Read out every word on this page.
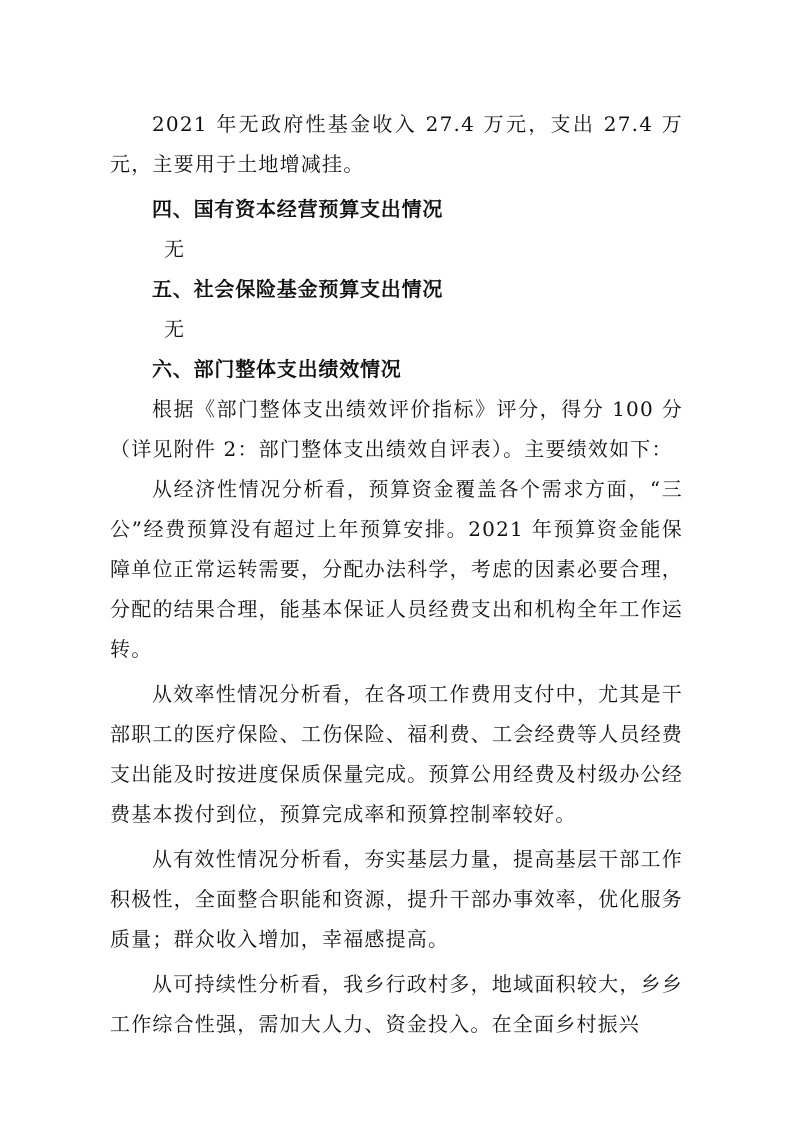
2021 年无政府性基金收入 27.4 万元，支出 27.4 万元，主要用于土地增减挂。

四、国有资本经营预算支出情况

无

五、社会保险基金预算支出情况

无

六、部门整体支出绩效情况

根据《部门整体支出绩效评价指标》评分，得分 100 分（详见附件 2：部门整体支出绩效自评表）。主要绩效如下：

从经济性情况分析看，预算资金覆盖各个需求方面，“三公”经费预算没有超过上年预算安排。2021 年预算资金能保障单位正常运转需要，分配办法科学，考虑的因素必要合理，分配的结果合理，能基本保证人员经费支出和机构全年工作运转。

从效率性情况分析看，在各项工作费用支付中，尤其是干部职工的医疗保险、工伤保险、福利费、工会经费等人员经费支出能及时按进度保质保量完成。预算公用经费及村级办公经费基本拨付到位，预算完成率和预算控制率较好。

从有效性情况分析看，夯实基层力量，提高基层干部工作积极性，全面整合职能和资源，提升干部办事效率，优化服务质量；群众收入增加，幸福感提高。

从可持续性分析看，我乡行政村多，地域面积较大，乡乡工作综合性强，需加大人力、资金投入。在全面乡村振兴
